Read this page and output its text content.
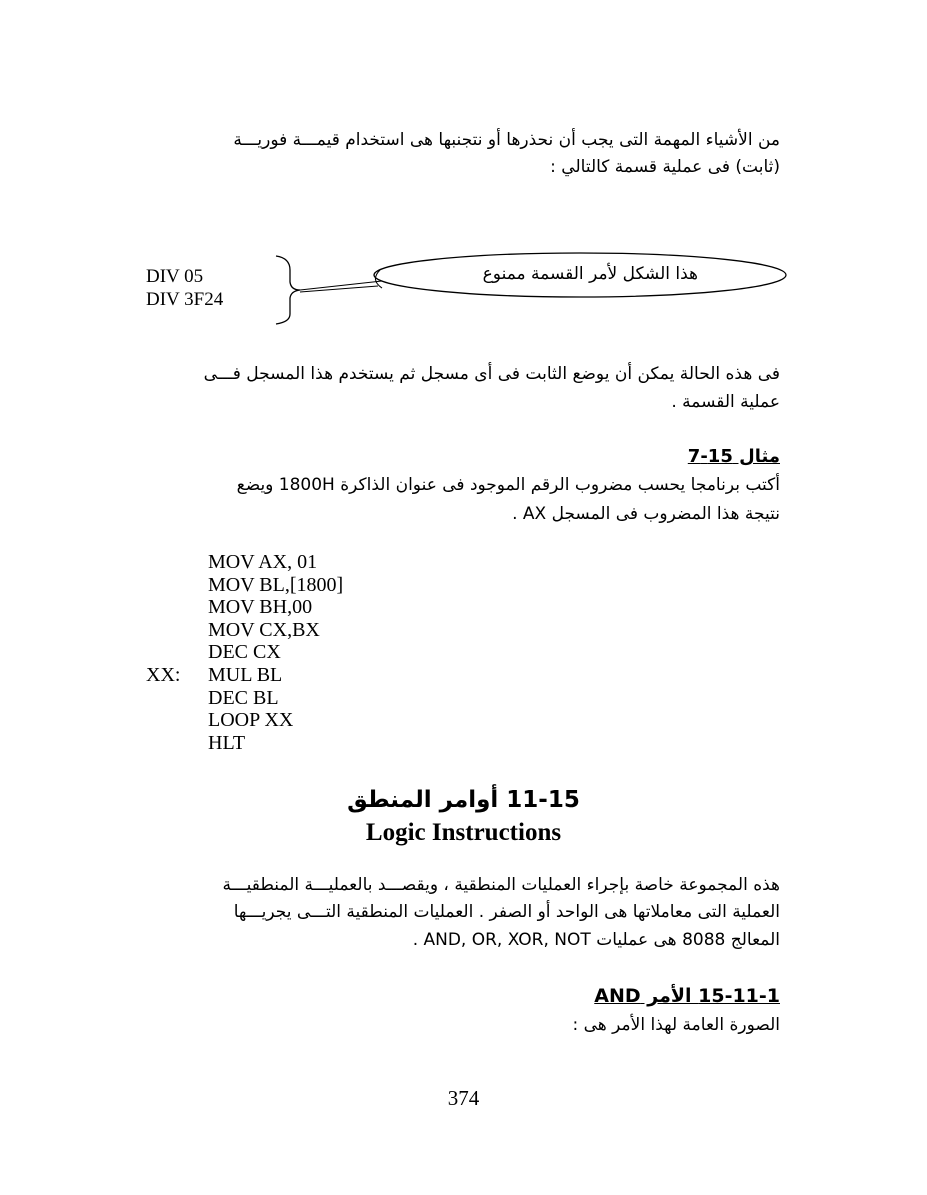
من الأشياء المهمة التى يجب أن نحذرها أو نتجنبها هى استخدام قيمـــة فوريـــة
(ثابت) فى عملية قسمة كالتالي :
DIV 05
DIV 3F24
هذا الشكل لأمر القسمة ممنوع
فى هذه الحالة يمكن أن يوضع الثابت فى أى مسجل ثم يستخدم هذا المسجل فـــى
عملية القسمة .
مثال 15-7
أكتب برنامجا يحسب مضروب الرقم الموجود فى عنوان الذاكرة 1800H ويضع
نتيجة هذا المضروب فى المسجل AX .
XX:
MOV AX, 01
MOV BL,[1800]
MOV BH,00
MOV CX,BX
DEC CX
MUL BL
DEC BL
LOOP XX
HLT
11-15 أوامر المنطق
Logic Instructions
هذه المجموعة خاصة بإجراء العمليات المنطقية ، ويقصـــد بالعمليـــة المنطقيـــة
العملية التى معاملاتها هى الواحد أو الصفر . العمليات المنطقية التـــى يجريـــها
المعالج 8088 هى عمليات AND, OR, XOR, NOT .
15-11-1 الأمر AND
الصورة العامة لهذا الأمر هى :
374
